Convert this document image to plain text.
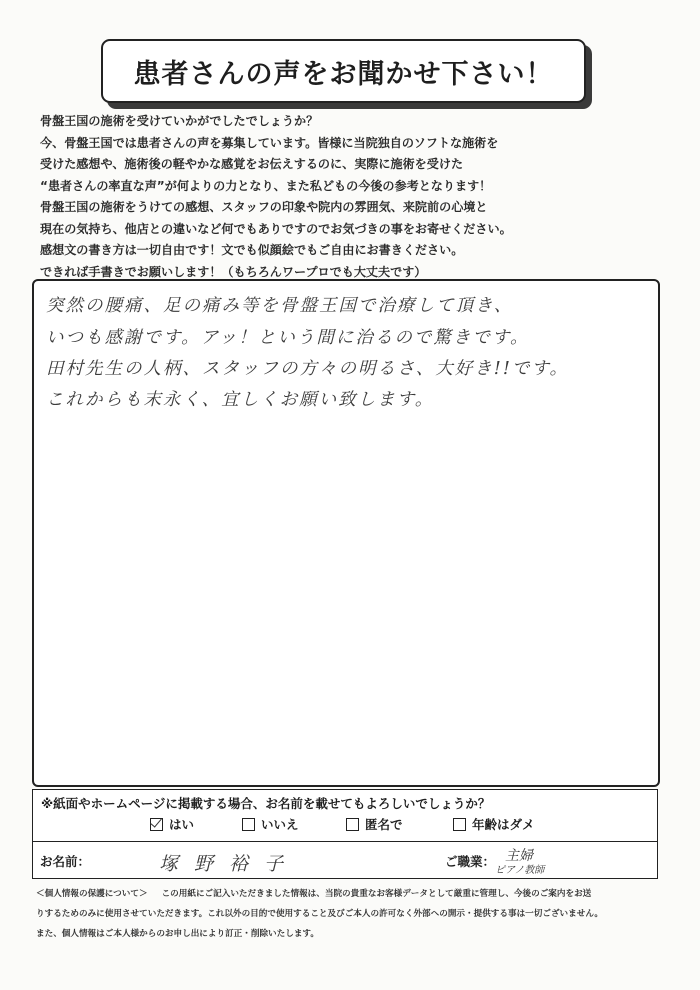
患者さんの声をお聞かせ下さい！
骨盤王国の施術を受けていかがでしたでしょうか？
今、骨盤王国では患者さんの声を募集しています。皆様に当院独自のソフトな施術を
受けた感想や、施術後の軽やかな感覚をお伝えするのに、実際に施術を受けた
“患者さんの率直な声”が何よりの力となり、また私どもの今後の参考となります！
骨盤王国の施術をうけての感想、スタッフの印象や院内の雰囲気、来院前の心境と
現在の気持ち、他店との違いなど何でもありですのでお気づきの事をお寄せください。
感想文の書き方は一切自由です！文でも似顔絵でもご自由にお書きください。
できれば手書きでお願いします！（もちろんワープロでも大丈夫です）
突然の腰痛、足の痛み等を骨盤王国で治療して頂き、
いつも感謝です。アッ！という間に治るので驚きです。
田村先生の人柄、スタッフの方々の明るさ、大好き!!です。
これからも末永く、宜しくお願い致します。
※紙面やホームページに掲載する場合、お名前を載せてもよろしいでしょうか？
はい	いいえ	匿名で	年齢はダメ
お名前：	塚野裕子	ご職業： 主婦
ピアノ教師
＜個人情報の保護について＞ この用紙にご記入いただきました情報は、当院の貴重なお客様データとして厳重に管理し、今後のご案内をお送
りするためのみに使用させていただきます。これ以外の目的で使用すること及びご本人の許可なく外部への開示・提供する事は一切ございません。
また、個人情報はご本人様からのお申し出により訂正・削除いたします。
